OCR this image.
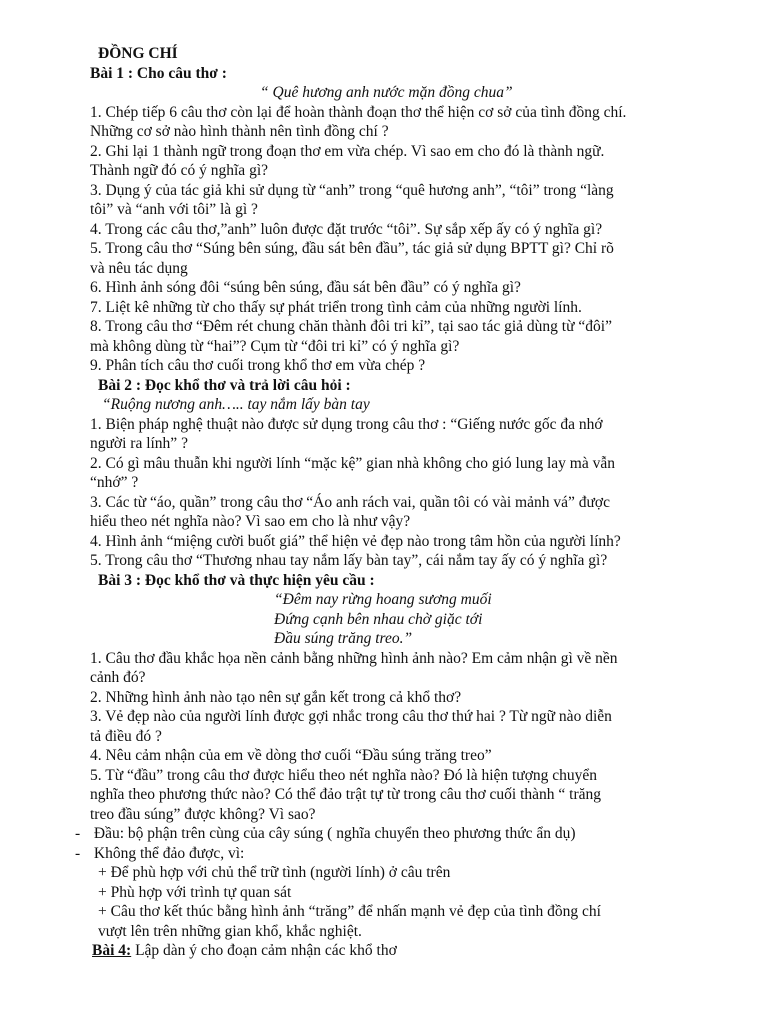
ĐỒNG CHÍ
Bài 1 : Cho câu thơ :
“ Quê hương anh nước mặn đồng chua”
1. Chép tiếp 6 câu thơ còn lại để hoàn thành đoạn thơ thể hiện cơ sở của tình đồng chí.
Những cơ sở nào hình thành nên tình đồng chí ?
2. Ghi lại 1 thành ngữ trong đoạn thơ em vừa chép. Vì sao em cho đó là thành ngữ.
Thành ngữ đó có ý nghĩa gì?
3. Dụng ý của tác giả khi sử dụng từ “anh” trong “quê hương anh”, “tôi” trong “làng
tôi” và “anh với tôi” là gì ?
4. Trong các câu thơ,”anh” luôn được đặt trước “tôi”. Sự sắp xếp ấy có ý nghĩa gì?
5. Trong câu thơ “Súng bên súng, đầu sát bên đầu”, tác giả sử dụng BPTT gì? Chỉ rõ
và nêu tác dụng
6. Hình ảnh sóng đôi “súng bên súng, đầu sát bên đầu” có ý nghĩa gì?
7. Liệt kê những từ cho thấy sự phát triển trong tình cảm của những người lính.
8. Trong câu thơ “Đêm rét chung chăn thành đôi tri kỉ”, tại sao tác giả dùng từ “đôi”
mà không dùng từ “hai”? Cụm từ “đôi tri kỉ” có ý nghĩa gì?
9. Phân tích câu thơ cuối trong khổ thơ em vừa chép ?
Bài 2 : Đọc khổ thơ và trả lời câu hỏi :
“Ruộng nương anh….. tay nắm lấy bàn tay
1. Biện pháp nghệ thuật nào được sử dụng trong câu thơ : “Giếng nước gốc đa nhớ
người ra lính” ?
2. Có gì mâu thuẫn khi người lính “mặc kệ” gian nhà không cho gió lung lay mà vẫn
“nhớ” ?
3. Các từ “áo, quần” trong câu thơ “Áo anh rách vai, quần tôi có vài mảnh vá” được
hiểu theo nét nghĩa nào? Vì sao em cho là như vậy?
4. Hình ảnh “miệng cười buốt giá” thể hiện vẻ đẹp nào trong tâm hồn của người lính?
5. Trong câu thơ “Thương nhau tay nắm lấy bàn tay”, cái nắm tay ấy có ý nghĩa gì?
Bài 3 : Đọc khổ thơ và thực hiện yêu cầu :
“Đêm nay rừng hoang sương muối
Đứng cạnh bên nhau chờ giặc tới
Đầu súng trăng treo.”
1. Câu thơ đầu khắc họa nền cảnh bằng những hình ảnh nào? Em cảm nhận gì về nền
cảnh đó?
2. Những hình ảnh nào tạo nên sự gắn kết trong cả khổ thơ?
3. Vẻ đẹp nào của người lính được gợi nhắc trong câu thơ thứ hai ? Từ ngữ nào diễn
tả điều đó ?
4. Nêu cảm nhận của em về dòng thơ cuối “Đầu súng trăng treo”
5. Từ “đầu” trong câu thơ được hiểu theo nét nghĩa nào? Đó là hiện tượng chuyển
nghĩa theo phương thức nào? Có thể đảo trật tự từ trong câu thơ cuối thành “ trăng
treo đầu súng” được không? Vì sao?
- Đầu: bộ phận trên cùng của cây súng ( nghĩa chuyển theo phương thức ẩn dụ)
- Không thể đảo được, vì:
+ Để phù hợp với chủ thể trữ tình (người lính) ở câu trên
+ Phù hợp với trình tự quan sát
+ Câu thơ kết thúc bằng hình ảnh “trăng” để nhấn mạnh vẻ đẹp của tình đồng chí
vượt lên trên những gian khổ, khắc nghiệt.
Bài 4: Lập dàn ý cho đoạn cảm nhận các khổ thơ
